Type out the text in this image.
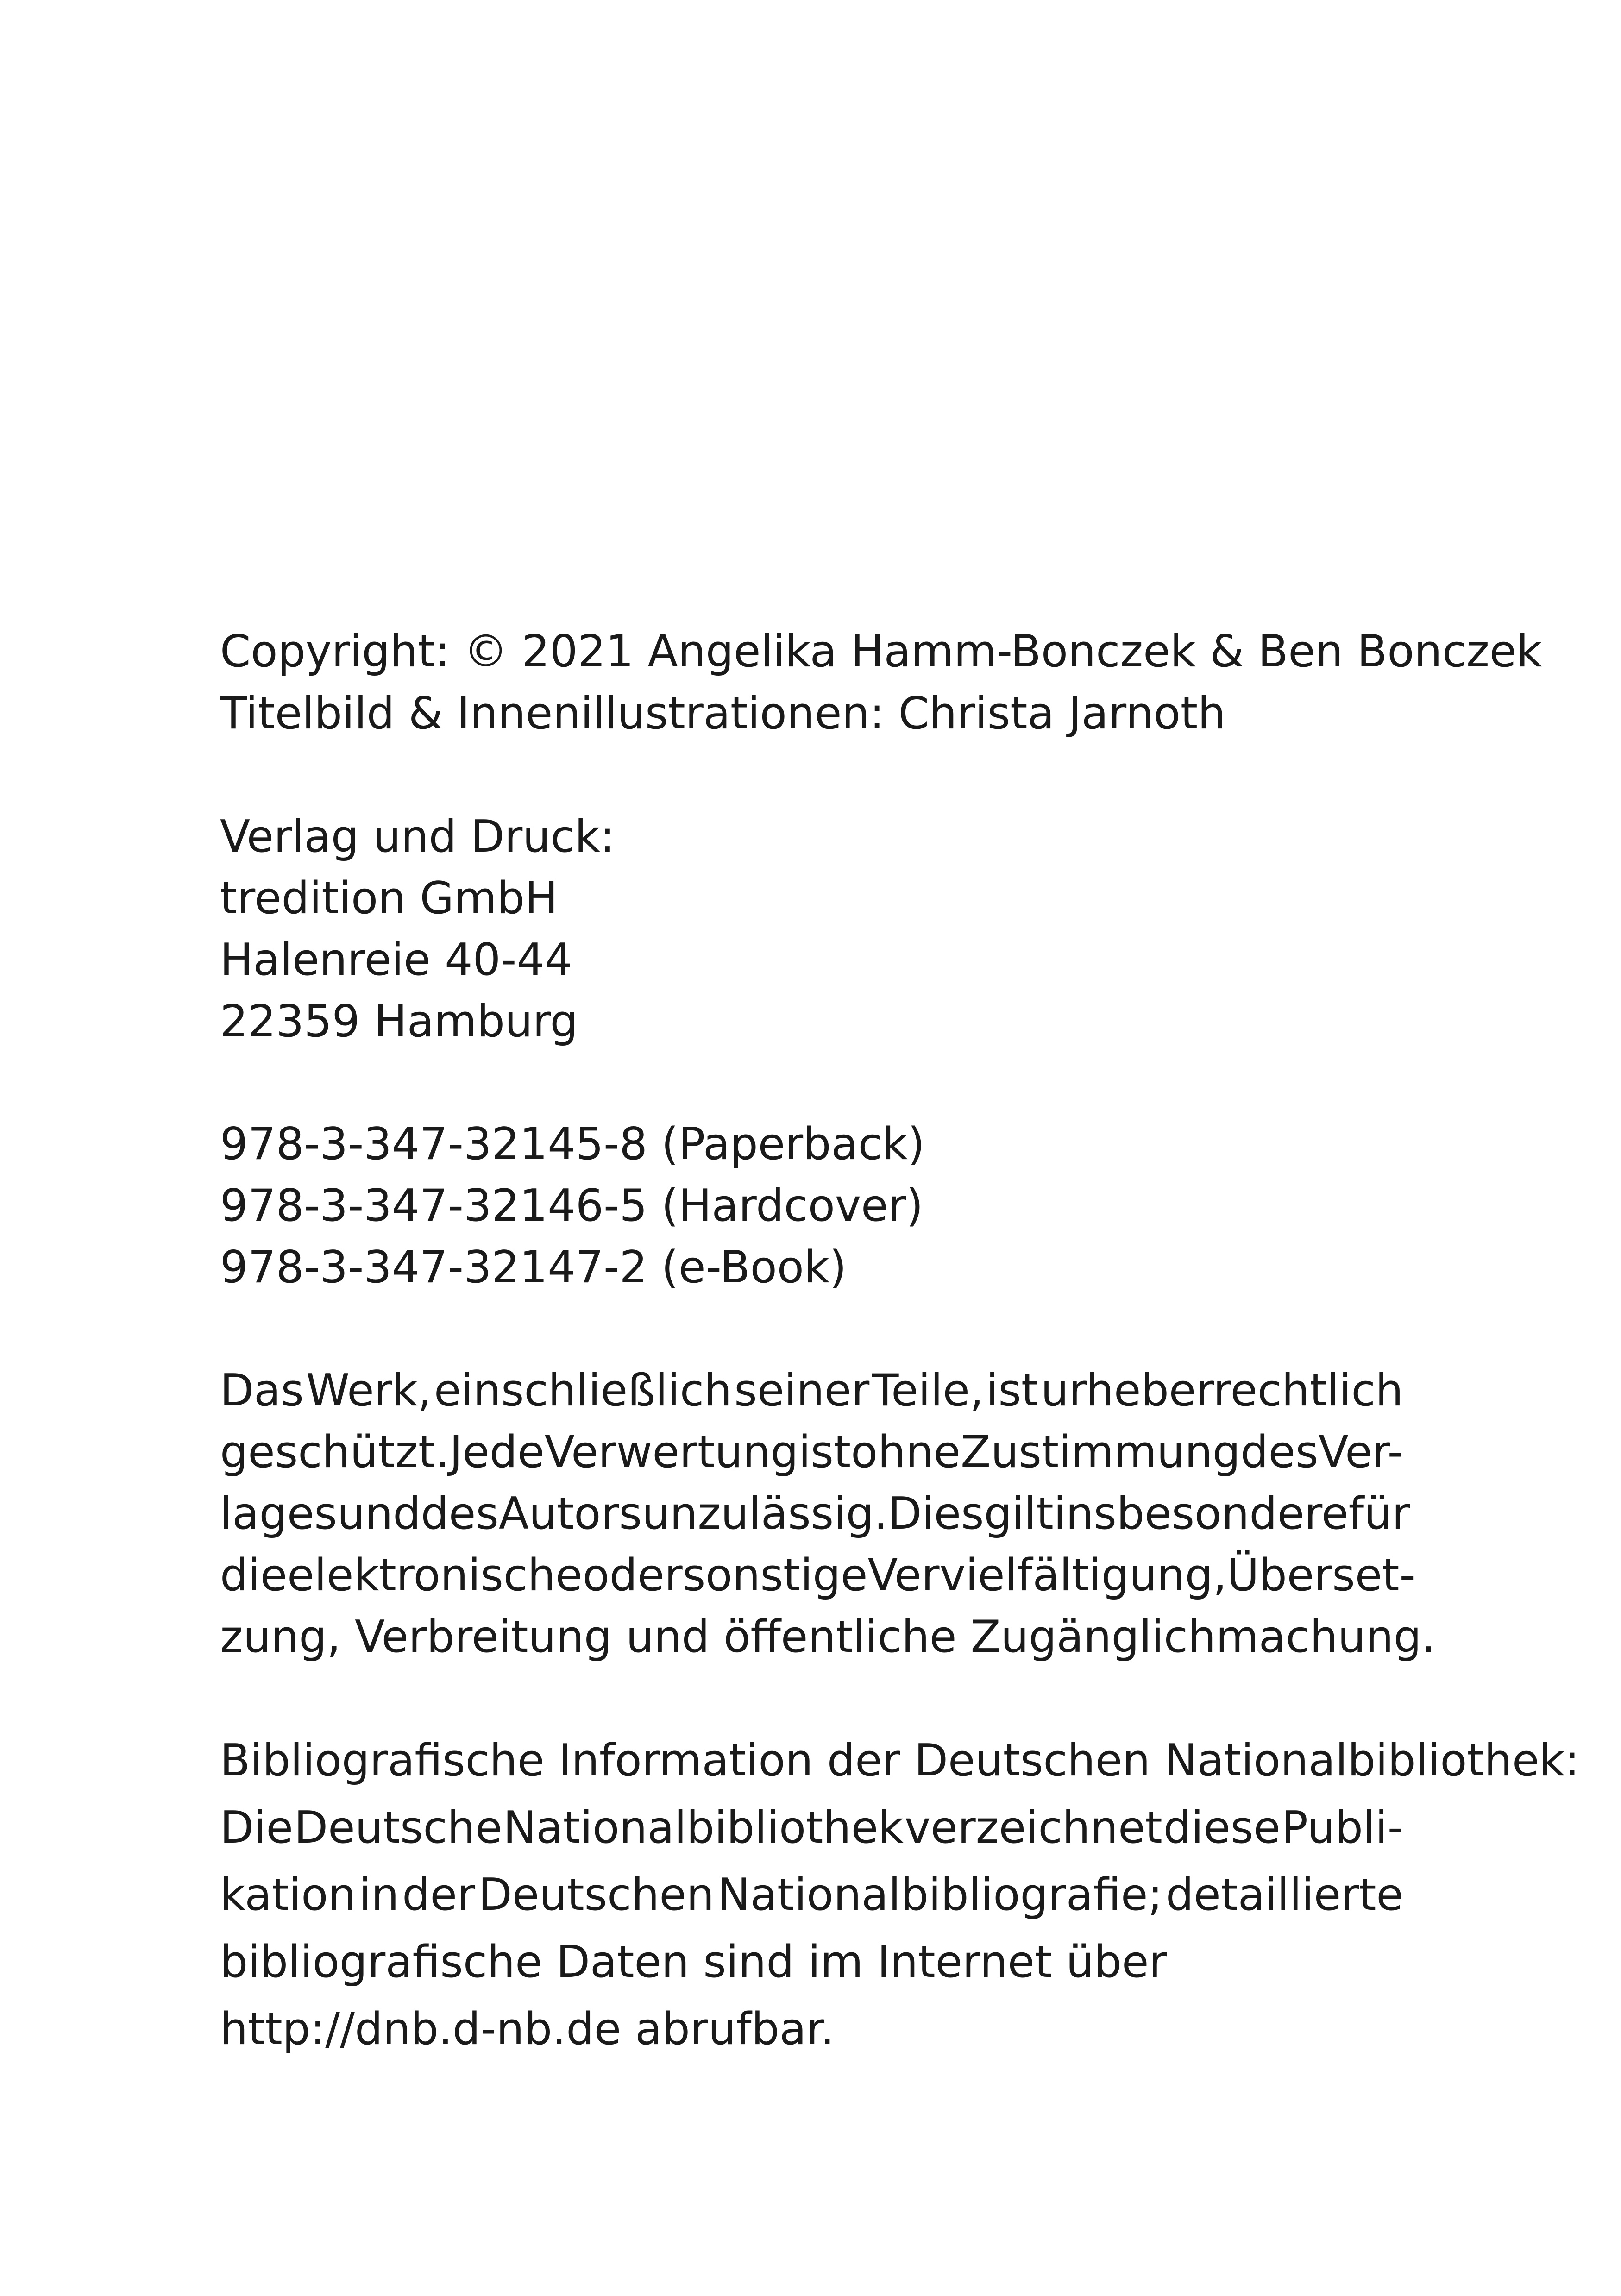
Copyright: © 2021 Angelika Hamm-Bonczek & Ben Bonczek
Titelbild & Innenillustrationen: Christa Jarnoth
Verlag und Druck:
tredition GmbH
Halenreie 40-44
22359 Hamburg
978-3-347-32145-8 (Paperback)
978-3-347-32146-5 (Hardcover)
978-3-347-32147-2 (e-Book)
Das Werk, einschließlich seiner Teile, ist urheberrechtlich
geschützt. Jede Verwertung ist ohne Zustimmung des Ver-
lages und des Autors unzulässig. Dies gilt insbesondere für
die elektronische oder sonstige Vervielfältigung, Überset-
zung, Verbreitung und öffentliche Zugänglichmachung.
Bibliografische Information der Deutschen Nationalbibliothek:
Die Deutsche Nationalbibliothek verzeichnet diese Publi-
kation in der Deutschen Nationalbibliografie; detaillierte
bibliografische Daten sind im Internet über
http://dnb.d-nb.de abrufbar.
